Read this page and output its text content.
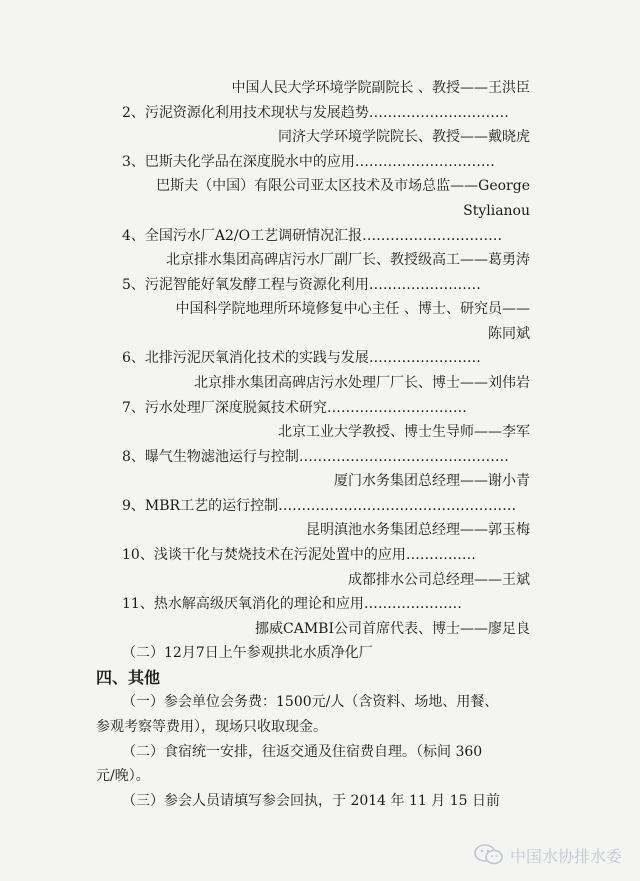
中国人民大学环境学院副院长 、教授——王洪臣
2、污泥资源化利用技术现状与发展趋势…………………………
同济大学环境学院院长、教授——戴晓虎
3、巴斯夫化学品在深度脱水中的应用…………………………
巴斯夫（中国）有限公司亚太区技术及市场总监——George
Stylianou
4、全国污水厂A2/O工艺调研情况汇报…………………………
北京排水集团高碑店污水厂副厂长、教授级高工——葛勇涛
5、污泥智能好氧发酵工程与资源化利用……………………
中国科学院地理所环境修复中心主任 、博士、研究员——
陈同斌
6、北排污泥厌氧消化技术的实践与发展……………………
北京排水集团高碑店污水处理厂厂长、博士——刘伟岩
7、污水处理厂深度脱氮技术研究…………………………
北京工业大学教授、博士生导师——李军
8、曝气生物滤池运行与控制………………………………………
厦门水务集团总经理——谢小青
9、MBR工艺的运行控制……………………………………………
昆明滇池水务集团总经理——郭玉梅
10、浅谈干化与焚烧技术在污泥处置中的应用……………
成都排水公司总经理——王斌
11、热水解高级厌氧消化的理论和应用…………………
挪威CAMBI公司首席代表、博士——廖足良
（二）12月7日上午参观拱北水质净化厂
四、其他
（一）参会单位会务费：1500元/人（含资料、场地、用餐、
参观考察等费用），现场只收取现金。
（二）食宿统一安排，往返交通及住宿费自理。（标间 360
元/晚）。
（三）参会人员请填写参会回执，于 2014 年 11 月 15 日前
中国水协排水委
